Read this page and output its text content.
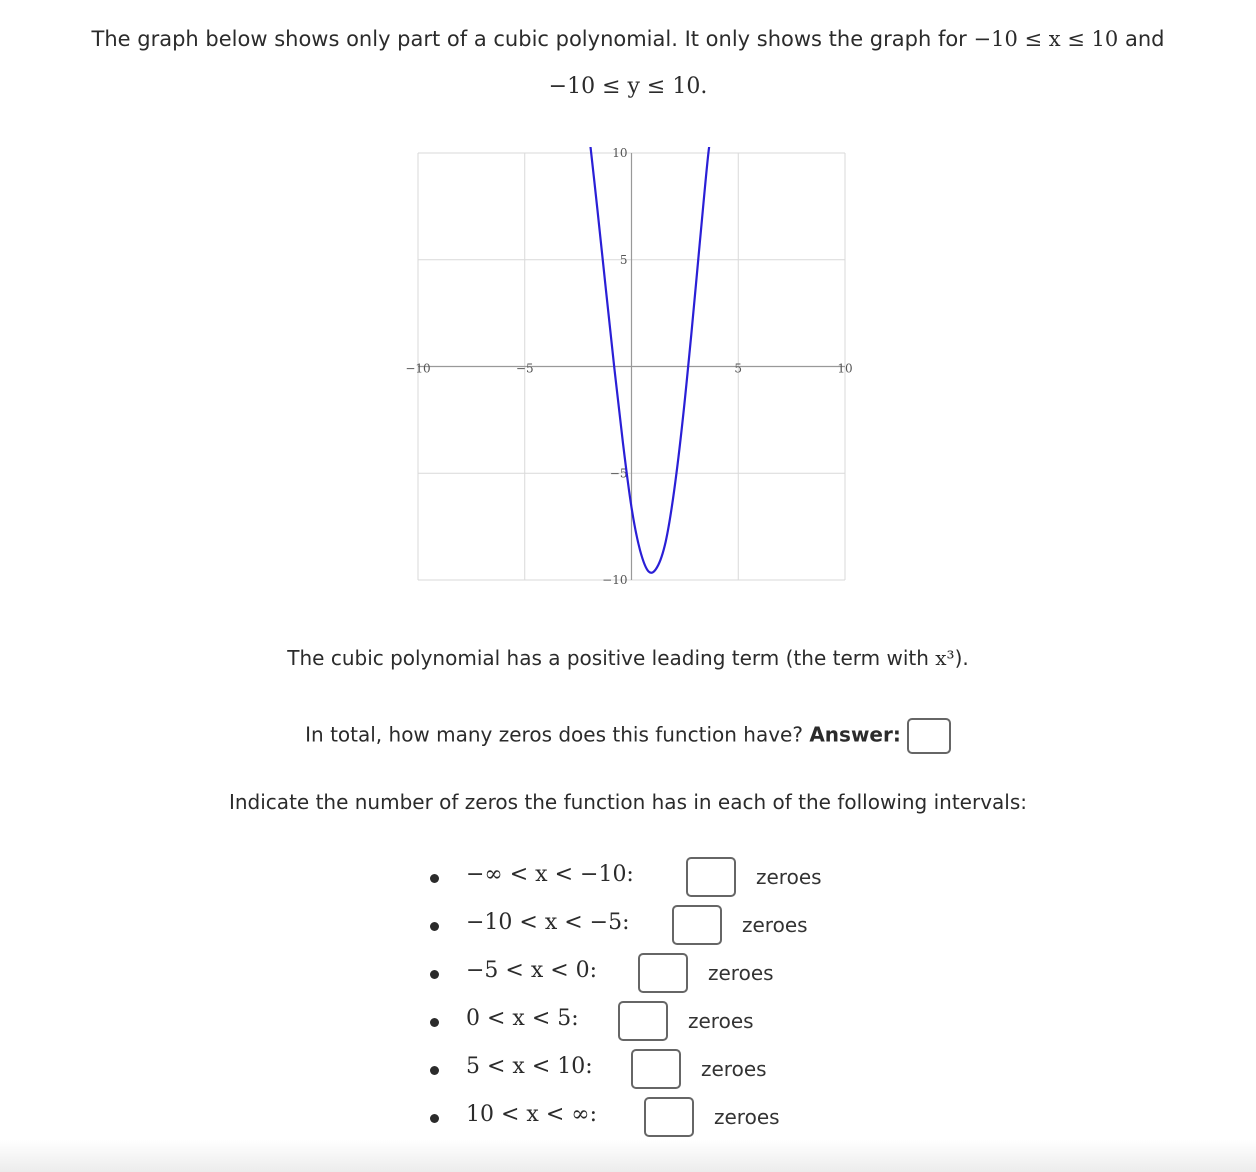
The graph below shows only part of a cubic polynomial. It only shows the graph for −10 ≤ x ≤ 10 and
−10 ≤ y ≤ 10.
−10	−5	5	10
10
5
−5
−10
The cubic polynomial has a positive leading term (the term with x³).
In total, how many zeros does this function have? Answer:
Indicate the number of zeros the function has in each of the following intervals:
−∞ < x < −10:	zeroes
−10 < x < −5:	zeroes
−5 < x < 0:	zeroes
0 < x < 5:	zeroes
5 < x < 10:	zeroes
10 < x < ∞:	zeroes
